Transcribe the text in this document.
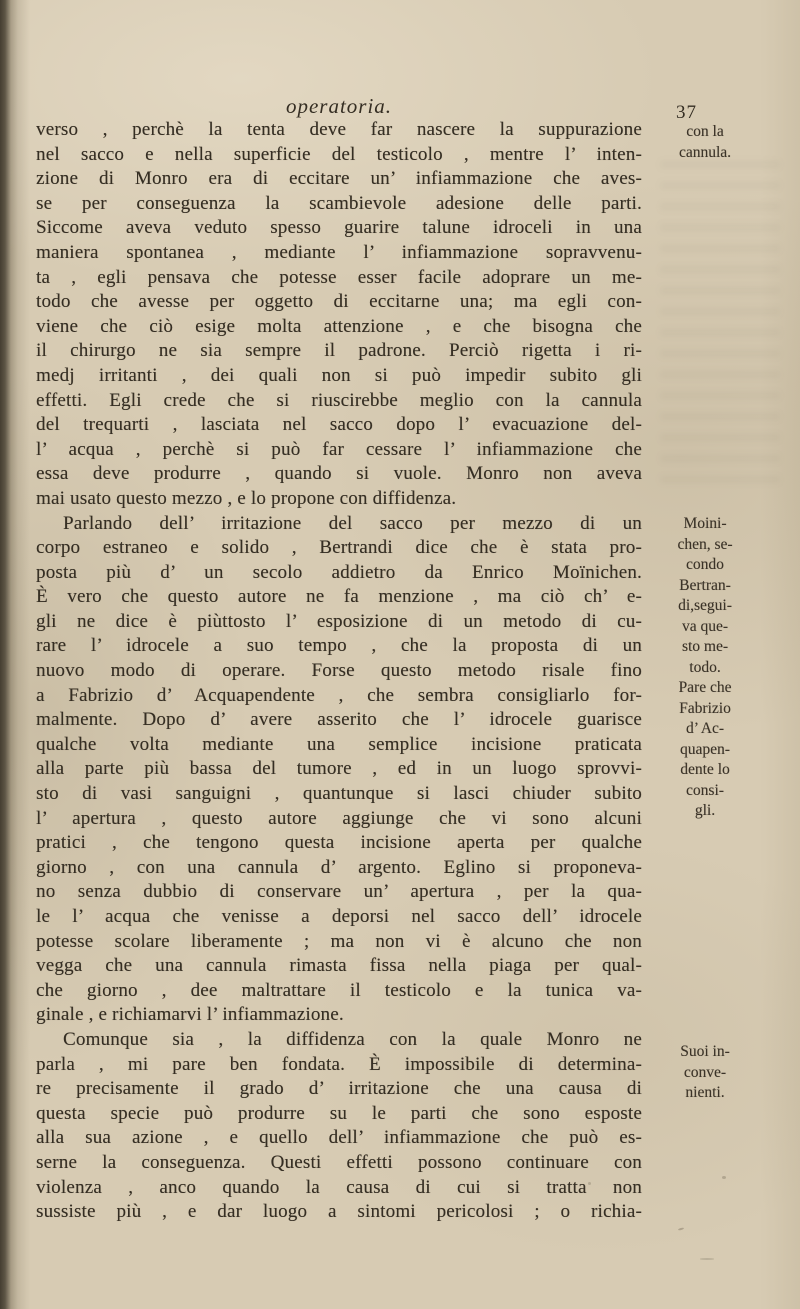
operatoria.	37
verso , perchè la tenta deve far nascere la suppurazione
nel sacco e nella superficie del testicolo , mentre l’ inten-
zione di Monro era di eccitare un’ infiammazione che aves-
se per conseguenza la scambievole adesione delle parti.
Siccome aveva veduto spesso guarire talune idroceli in una
maniera spontanea , mediante l’ infiammazione sopravvenu-
ta , egli pensava che potesse esser facile adoprare un me-
todo che avesse per oggetto di eccitarne una; ma egli con-
viene che ciò esige molta attenzione , e che bisogna che
il chirurgo ne sia sempre il padrone. Perciò rigetta i ri-
medj irritanti , dei quali non si può impedir subito gli
effetti. Egli crede che si riuscirebbe meglio con la cannula
del trequarti , lasciata nel sacco dopo l’ evacuazione del-
l’ acqua , perchè si può far cessare l’ infiammazione che
essa deve produrre , quando si vuole. Monro non aveva
mai usato questo mezzo , e lo propone con diffidenza.
Parlando dell’ irritazione del sacco per mezzo di un
corpo estraneo e solido , Bertrandi dice che è stata pro-
posta più d’ un secolo addietro da Enrico Moïnichen.
È vero che questo autore ne fa menzione , ma ciò ch’ e-
gli ne dice è piùttosto l’ esposizione di un metodo di cu-
rare l’ idrocele a suo tempo , che la proposta di un
nuovo modo di operare. Forse questo metodo risale fino
a Fabrizio d’ Acquapendente , che sembra consigliarlo for-
malmente. Dopo d’ avere asserito che l’ idrocele guarisce
qualche volta mediante una semplice incisione praticata
alla parte più bassa del tumore , ed in un luogo sprovvi-
sto di vasi sanguigni , quantunque si lasci chiuder subito
l’ apertura , questo autore aggiunge che vi sono alcuni
pratici , che tengono questa incisione aperta per qualche
giorno , con una cannula d’ argento. Eglino si proponeva-
no senza dubbio di conservare un’ apertura , per la qua-
le l’ acqua che venisse a deporsi nel sacco dell’ idrocele
potesse scolare liberamente ; ma non vi è alcuno che non
vegga che una cannula rimasta fissa nella piaga per qual-
che giorno , dee maltrattare il testicolo e la tunica va-
ginale , e richiamarvi l’ infiammazione.
Comunque sia , la diffidenza con la quale Monro ne
parla , mi pare ben fondata. È impossibile di determina-
re precisamente il grado d’ irritazione che una causa di
questa specie può produrre su le parti che sono esposte
alla sua azione , e quello dell’ infiammazione che può es-
serne la conseguenza. Questi effetti possono continuare con
violenza , anco quando la causa di cui si tratta non
sussiste più , e dar luogo a sintomi pericolosi ; o richia-
con la
cannula.
Moini-
chen, se-
condo
Bertran-
di,segui-
va que-
sto me-
todo.
Pare che
Fabrizio
d’ Ac-
quapen-
dente lo
consi-
gli.
Suoi in-
conve-
nienti.
